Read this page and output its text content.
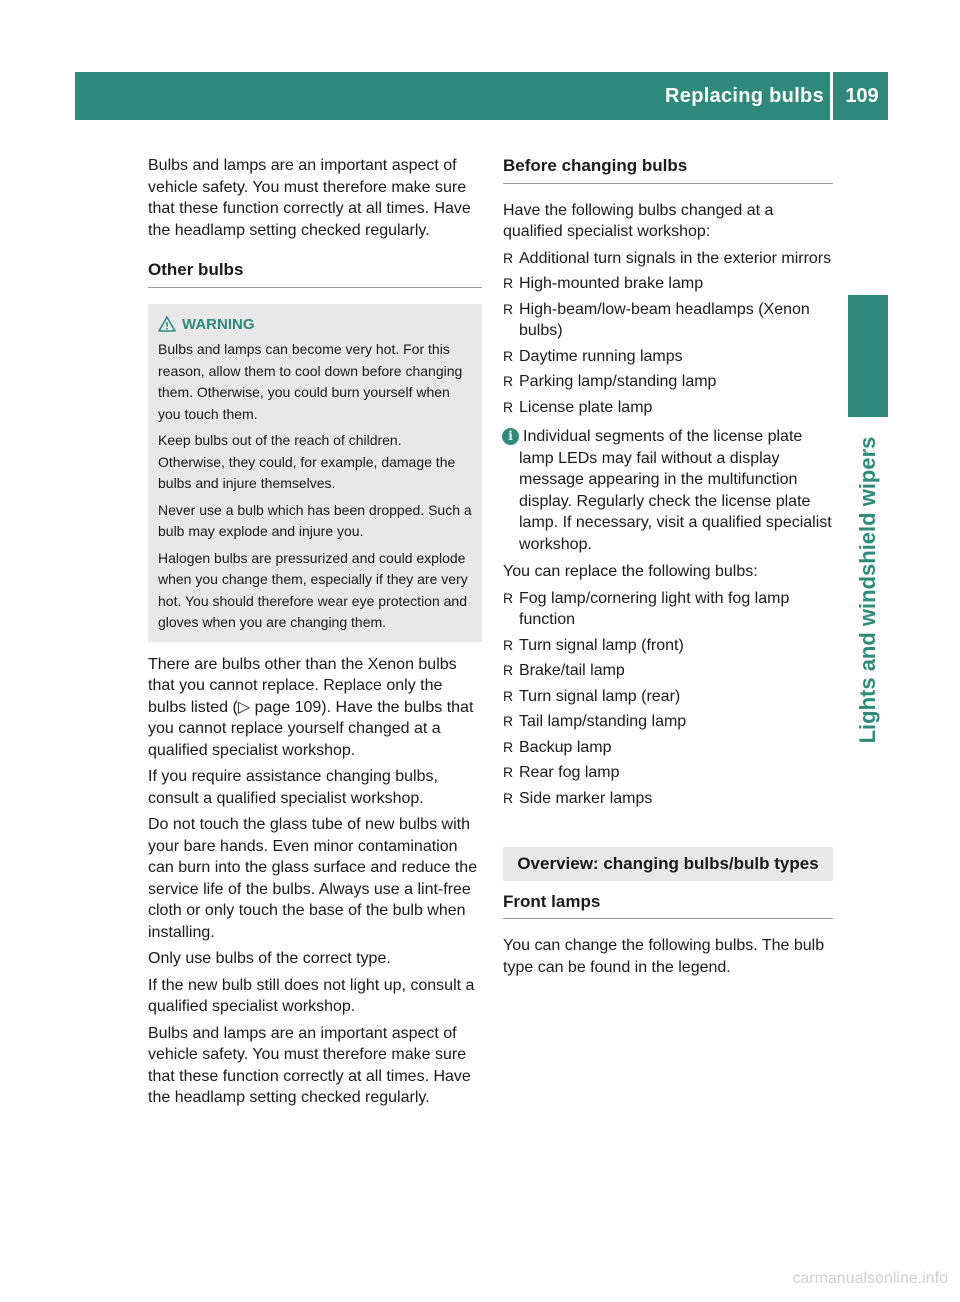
Replacing bulbs	109
Lights and windshield wipers

Bulbs and lamps are an important aspect of vehicle safety. You must therefore make sure that these function correctly at all times. Have the headlamp setting checked regularly.

Other bulbs
WARNING

Bulbs and lamps can become very hot. For this reason, allow them to cool down before changing them. Otherwise, you could burn yourself when you touch them.

Keep bulbs out of the reach of children. Otherwise, they could, for example, damage the bulbs and injure themselves.

Never use a bulb which has been dropped. Such a bulb may explode and injure you.

Halogen bulbs are pressurized and could explode when you change them, especially if they are very hot. You should therefore wear eye protection and gloves when you are changing them.

There are bulbs other than the Xenon bulbs that you cannot replace. Replace only the bulbs listed (▷ page 109). Have the bulbs that you cannot replace yourself changed at a qualified specialist workshop.

If you require assistance changing bulbs, consult a qualified specialist workshop.

Do not touch the glass tube of new bulbs with your bare hands. Even minor contamination can burn into the glass surface and reduce the service life of the bulbs. Always use a lint-free cloth or only touch the base of the bulb when installing.

Only use bulbs of the correct type.

If the new bulb still does not light up, consult a qualified specialist workshop.

Bulbs and lamps are an important aspect of vehicle safety. You must therefore make sure that these function correctly at all times. Have the headlamp setting checked regularly.

Before changing bulbs

Have the following bulbs changed at a qualified specialist workshop:

R Additional turn signals in the exterior mirrors
R High-mounted brake lamp
R High-beam/low-beam headlamps (Xenon bulbs)
R Daytime running lamps
R Parking lamp/standing lamp
R License plate lamp
i Individual segments of the license plate lamp LEDs may fail without a display message appearing in the multifunction display. Regularly check the license plate lamp. If necessary, visit a qualified specialist workshop.

You can replace the following bulbs:

R Fog lamp/cornering light with fog lamp function
R Turn signal lamp (front)
R Brake/tail lamp
R Turn signal lamp (rear)
R Tail lamp/standing lamp
R Backup lamp
R Rear fog lamp
R Side marker lamps
Overview: changing bulbs/bulb types
Front lamps

You can change the following bulbs. The bulb type can be found in the legend.

carmanualsonline.info
